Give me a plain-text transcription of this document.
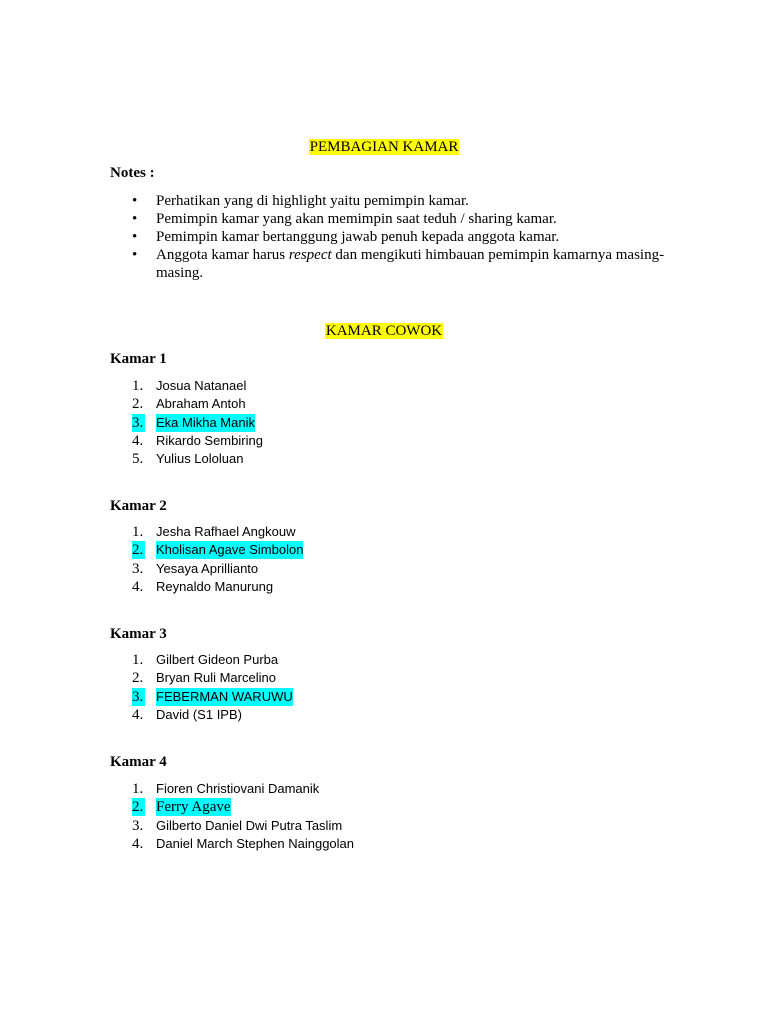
PEMBAGIAN KAMAR
Notes :
• Perhatikan yang di highlight yaitu pemimpin kamar.
• Pemimpin kamar yang akan memimpin saat teduh / sharing kamar.
• Pemimpin kamar bertanggung jawab penuh kepada anggota kamar.
• Anggota kamar harus respect dan mengikuti himbauan pemimpin kamarnya masing-masing.
KAMAR COWOK
Kamar 1
1. Josua Natanael
2. Abraham Antoh
3. Eka Mikha Manik
4. Rikardo Sembiring
5. Yulius Lololuan
Kamar 2
1. Jesha Rafhael Angkouw
2. Kholisan Agave Simbolon
3. Yesaya Aprillianto
4. Reynaldo Manurung
Kamar 3
1. Gilbert Gideon Purba
2. Bryan Ruli Marcelino
3. FEBERMAN WARUWU
4. David (S1 IPB)
Kamar 4
1. Fioren Christiovani Damanik
2. Ferry Agave
3. Gilberto Daniel Dwi Putra Taslim
4. Daniel March Stephen Nainggolan
